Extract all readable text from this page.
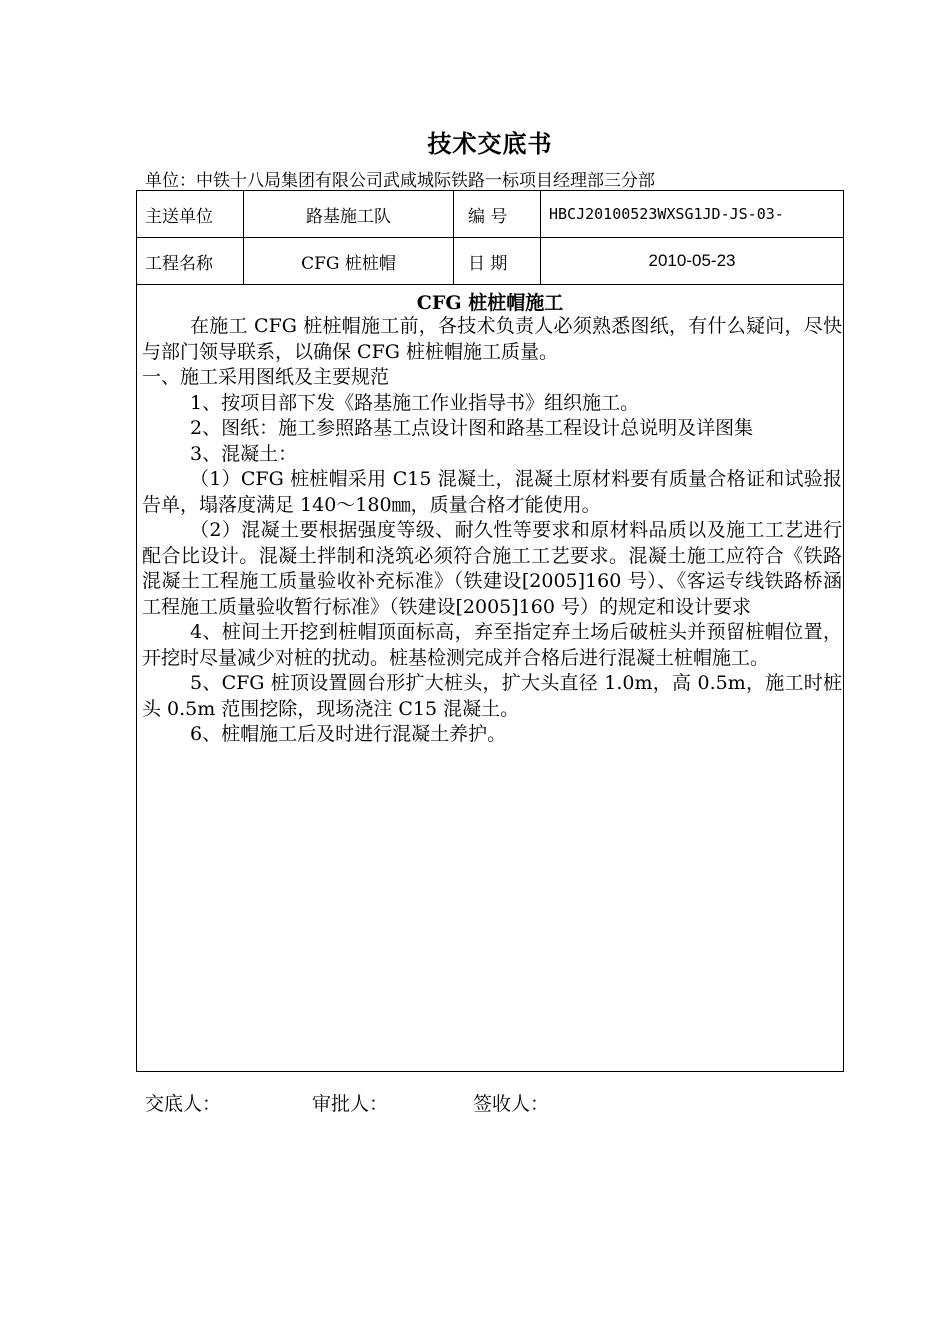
技术交底书
单位：中铁十八局集团有限公司武咸城际铁路一标项目经理部三分部
主送单位	路基施工队	编 号	HBCJ20100523WXSG1JD-JS-03-
工程名称	CFG 桩桩帽	日 期	2010-05-23
CFG 桩桩帽施工

在施工 CFG 桩桩帽施工前，各技术负责人必须熟悉图纸，有什么疑问，尽快与部门领导联系，以确保 CFG 桩桩帽施工质量。

一、施工采用图纸及主要规范

1、按项目部下发《路基施工作业指导书》组织施工。

2、图纸：施工参照路基工点设计图和路基工程设计总说明及详图集

3、混凝土：

（1）CFG 桩桩帽采用 C15 混凝土，混凝土原材料要有质量合格证和试验报告单，塌落度满足 140～180㎜，质量合格才能使用。

（2）混凝土要根据强度等级、耐久性等要求和原材料品质以及施工工艺进行配合比设计。混凝土拌制和浇筑必须符合施工工艺要求。混凝土施工应符合《铁路混凝土工程施工质量验收补充标准》（铁建设[2005]160 号）、《客运专线铁路桥涵工程施工质量验收暂行标准》（铁建设[2005]160 号）的规定和设计要求

4、桩间土开挖到桩帽顶面标高，弃至指定弃土场后破桩头并预留桩帽位置，开挖时尽量减少对桩的扰动。桩基检测完成并合格后进行混凝土桩帽施工。

5、CFG 桩顶设置圆台形扩大桩头，扩大头直径 1.0m，高 0.5m，施工时桩头 0.5m 范围挖除，现场浇注 C15 混凝土。

6、桩帽施工后及时进行混凝土养护。

交底人：	审批人：	签收人：
